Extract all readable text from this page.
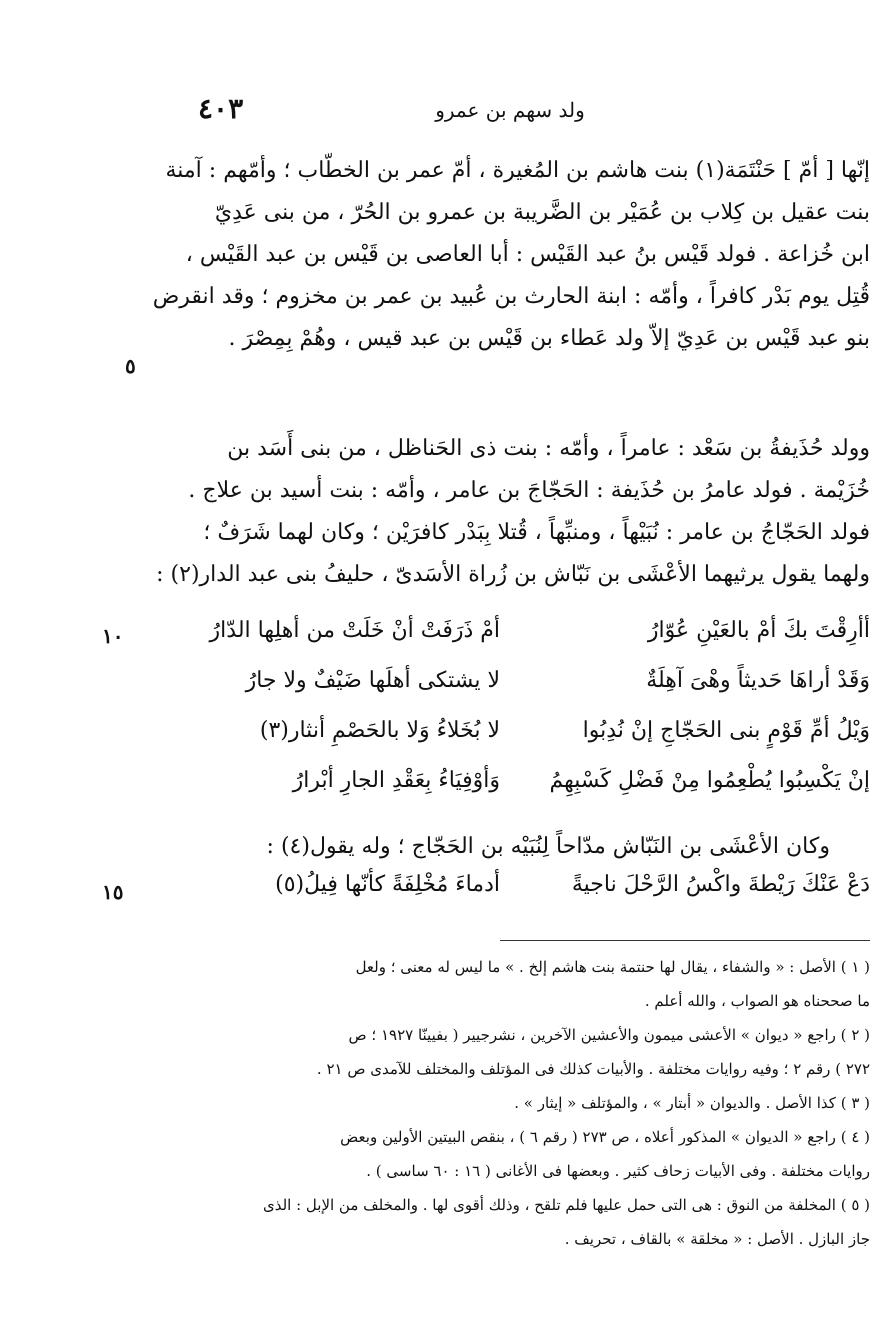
٤٠٣	ولد سهم بن عمرو
إنّها [ أمّ ] حَنْتَمَة(١) بنت هاشم بن المُغيرة ، أمّ عمر بن الخطّاب ؛ وأمّهم : آمنة
بنت عقيل بن كِلاب بن عُمَيْر بن الضَّريبة بن عمرو بن الحُرّ ، من بنى عَدِيّ
ابن خُزاعة . فولد قَيْس بنُ عبد القَيْس : أبا العاصى بن قَيْس بن عبد القَيْس ،
قُتِل يوم بَدْر كافراً ، وأمّه : ابنة الحارث بن عُبيد بن عمر بن مخزوم ؛ وقد انقرض
بنو عبد قَيْس بن عَدِيّ إلاّ ولد عَطاء بن قَيْس بن عبد قيس ، وهُمْ بِمِصْرَ .
٥
وولد حُذَيفةُ بن سَعْد : عامراً ، وأمّه : بنت ذى الحَناظل ، من بنى أَسَد بن
خُزَيْمة . فولد عامرُ بن حُذَيفة : الحَجّاجَ بن عامر ، وأمّه : بنت أسيد بن علاج .
فولد الحَجّاجُ بن عامر : نُبَيْهاً ، ومنبِّهاً ، قُتلا بِبَدْر كافرَيْن ؛ وكان لهما شَرَفٌ ؛
ولهما يقول يرثيهما الأعْشَى بن نَبّاش بن زُراة الأسَدىّ ، حليفُ بنى عبد الدار(٢) :
١٠	أأرِقْتَ بكَ أمْ بالعَيْنِ عُوّارُ
أمْ ذَرَفَتْ أنْ خَلَتْ من أهلِها الدّارُ
وَقَدْ أراهَا حَديثاً وهْىَ آهِلَةٌ
لا يشتكى أهلَها ضَيْفٌ ولا جارُ
وَيْلُ أمِّ قَوْمٍ بنى الحَجّاجِ إنْ نُدِبُوا
لا بُخَلاءُ وَلا بالحَصْمِ أنثار(٣)
إنْ يَكْسِبُوا يُطْعِمُوا مِنْ فَضْلِ كَسْبِهِمُ
وَأوْفِيَاءُ بِعَقْدِ الجارِ أبْرارُ
وكان الأعْشَى بن النَبّاش مدّاحاً لِنُبَيْه بن الحَجّاج ؛ وله يقول(٤) :
دَعْ عَنْكَ رَيْطةَ واكْسُ الرَّحْلَ ناجيةً
أدماءَ مُخْلِفَةً كأنّها فِيلُ(٥)
١٥
( ١ ) الأصل : « والشفاء ، يقال لها حنتمة بنت هاشم إلخ . » ما ليس له معنى ؛ ولعل
ما صححناه هو الصواب ، والله أعلم .
( ٢ ) راجع « ديوان » الأعشى ميمون والأعشين الآخرين ، نشرجيير ( بفيينّا ١٩٢٧ ؛ ص
٢٧٢ ) رقم ٢ ؛ وفيه روايات مختلفة . والأبيات كذلك فى المؤتلف والمختلف للآمدى ص ٢١ .
( ٣ ) كذا الأصل . والديوان « أبتار » ، والمؤتلف « إيثار » .
( ٤ ) راجع « الديوان » المذكور أعلاه ، ص ٢٧٣ ( رقم ٦ ) ، بنقص البيتين الأولين وبعض
روايات مختلفة . وفى الأبيات زحاف كثير . وبعضها فى الأغانى ( ١٦ : ٦٠ ساسى ) .
( ٥ ) المخلفة من النوق : هى التى حمل عليها فلم تلقح ، وذلك أقوى لها . والمخلف من الإبل : الذى
جاز البازل . الأصل : « مخلقة » بالقاف ، تحريف .
